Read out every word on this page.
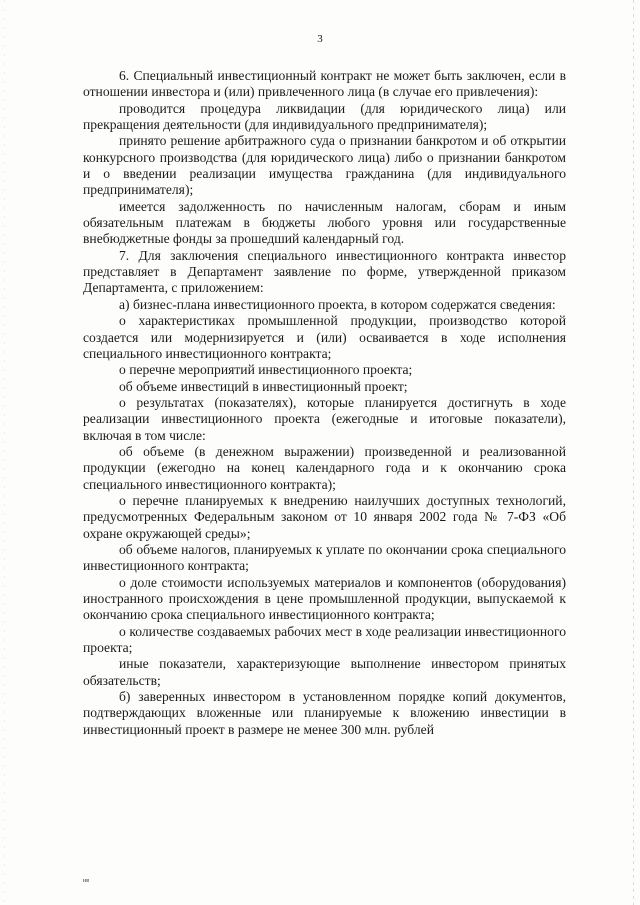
3

6. Специальный инвестиционный контракт не может быть заключен, если в отношении инвестора и (или) привлеченного лица (в случае его привлечения):

проводится процедура ликвидации (для юридического лица) или прекращения деятельности (для индивидуального предпринимателя);

принято решение арбитражного суда о признании банкротом и об открытии конкурсного производства (для юридического лица) либо о признании банкротом и о введении реализации имущества гражданина (для индивидуального предпринимателя);

имеется задолженность по начисленным налогам, сборам и иным обязательным платежам в бюджеты любого уровня или государственные внебюджетные фонды за прошедший календарный год.

7. Для заключения специального инвестиционного контракта инвестор представляет в Департамент заявление по форме, утвержденной приказом Департамента, с приложением:

а) бизнес-плана инвестиционного проекта, в котором содержатся сведения:

о характеристиках промышленной продукции, производство которой создается или модернизируется и (или) осваивается в ходе исполнения специального инвестиционного контракта;

о перечне мероприятий инвестиционного проекта;

об объеме инвестиций в инвестиционный проект;

о результатах (показателях), которые планируется достигнуть в ходе реализации инвестиционного проекта (ежегодные и итоговые показатели), включая в том числе:

об объеме (в денежном выражении) произведенной и реализованной продукции (ежегодно на конец календарного года и к окончанию срока специального инвестиционного контракта);

о перечне планируемых к внедрению наилучших доступных технологий, предусмотренных Федеральным законом от 10 января 2002 года № 7-ФЗ «Об охране окружающей среды»;

об объеме налогов, планируемых к уплате по окончании срока специального инвестиционного контракта;

о доле стоимости используемых материалов и компонентов (оборудования) иностранного происхождения в цене промышленной продукции, выпускаемой к окончанию срока специального инвестиционного контракта;

о количестве создаваемых рабочих мест в ходе реализации инвестиционного проекта;

иные показатели, характеризующие выполнение инвестором принятых обязательств;

б) заверенных инвестором в установленном порядке копий документов, подтверждающих вложенные или планируемые к вложению инвестиции в инвестиционный проект в размере не менее 300 млн. рублей

нв
